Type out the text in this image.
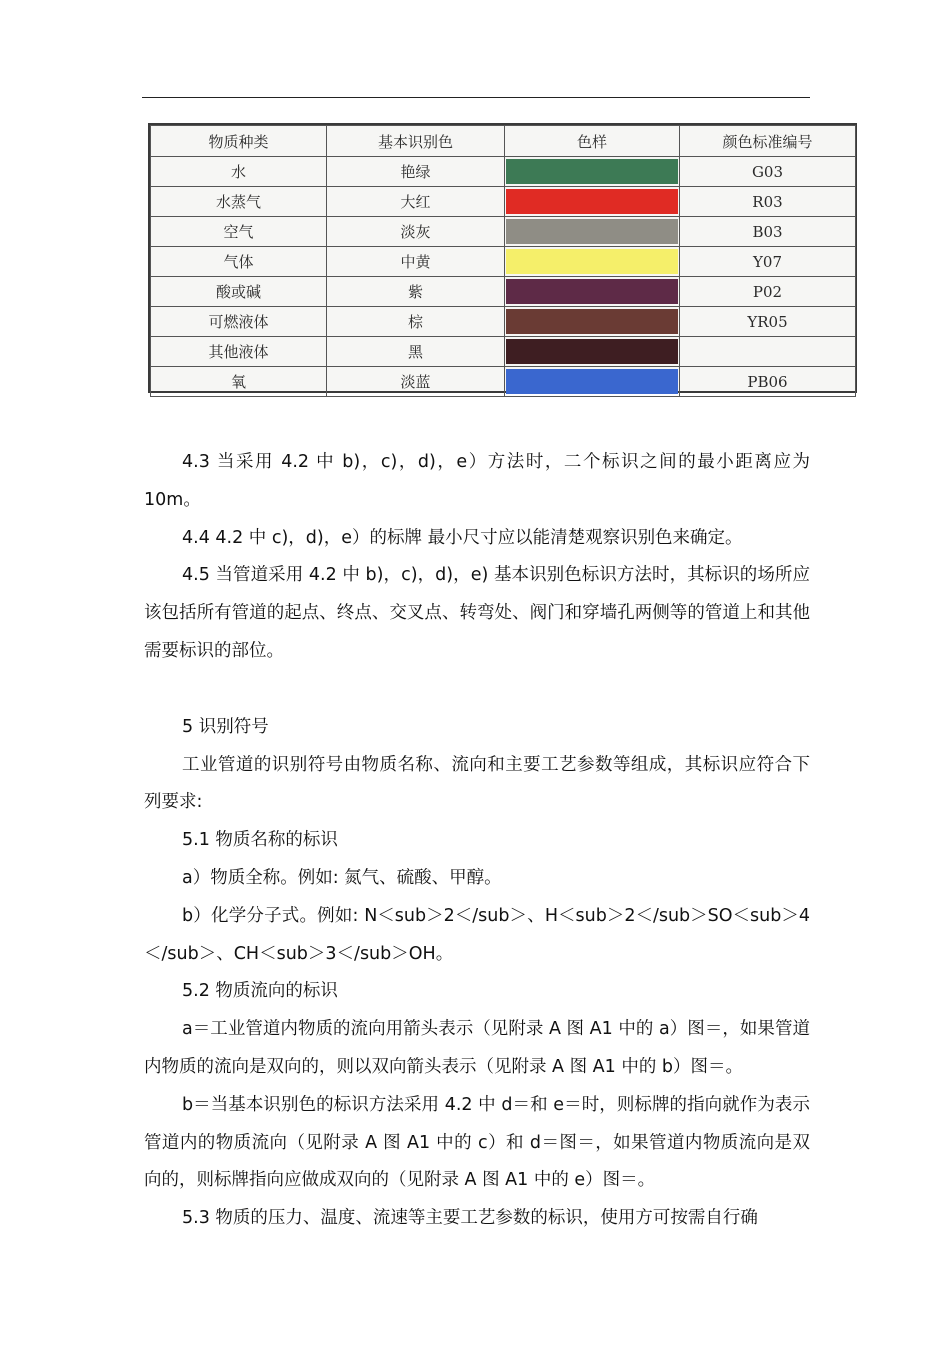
物质种类	基本识别色	色样	颜色标准编号
水	艳绿		G03
水蒸气	大红		R03
空气	淡灰		B03
气体	中黄		Y07
酸或碱	紫		P02
可燃液体	棕		YR05
其他液体	黑	

氧	淡蓝		PB06

4.3 当采用 4.2 中 b)，c)，d)，e）方法时，二个标识之间的最小距离应为 10m。

4.4 4.2 中 c)，d)，e）的标牌 最小尺寸应以能清楚观察识别色来确定。

4.5 当管道采用 4.2 中 b)，c)，d)，e) 基本识别色标识方法时，其标识的场所应该包括所有管道的起点、终点、交叉点、转弯处、阀门和穿墙孔两侧等的管道上和其他需要标识的部位。

5 识别符号

工业管道的识别符号由物质名称、流向和主要工艺参数等组成，其标识应符合下列要求:

5.1 物质名称的标识

a）物质全称。例如: 氮气、硫酸、甲醇。

b）化学分子式。例如: N＜sub＞2＜/sub＞、H＜sub＞2＜/sub＞SO＜sub＞4＜/sub＞、CH＜sub＞3＜/sub＞OH。

5.2 物质流向的标识

a＝工业管道内物质的流向用箭头表示（见附录 A 图 A1 中的 a）图＝，如果管道内物质的流向是双向的，则以双向箭头表示（见附录 A 图 A1 中的 b）图＝。

b＝当基本识别色的标识方法采用 4.2 中 d＝和 e＝时，则标牌的指向就作为表示管道内的物质流向（见附录 A 图 A1 中的 c）和 d＝图＝，如果管道内物质流向是双向的，则标牌指向应做成双向的（见附录 A 图 A1 中的 e）图＝。

5.3 物质的压力、温度、流速等主要工艺参数的标识，使用方可按需自行确
